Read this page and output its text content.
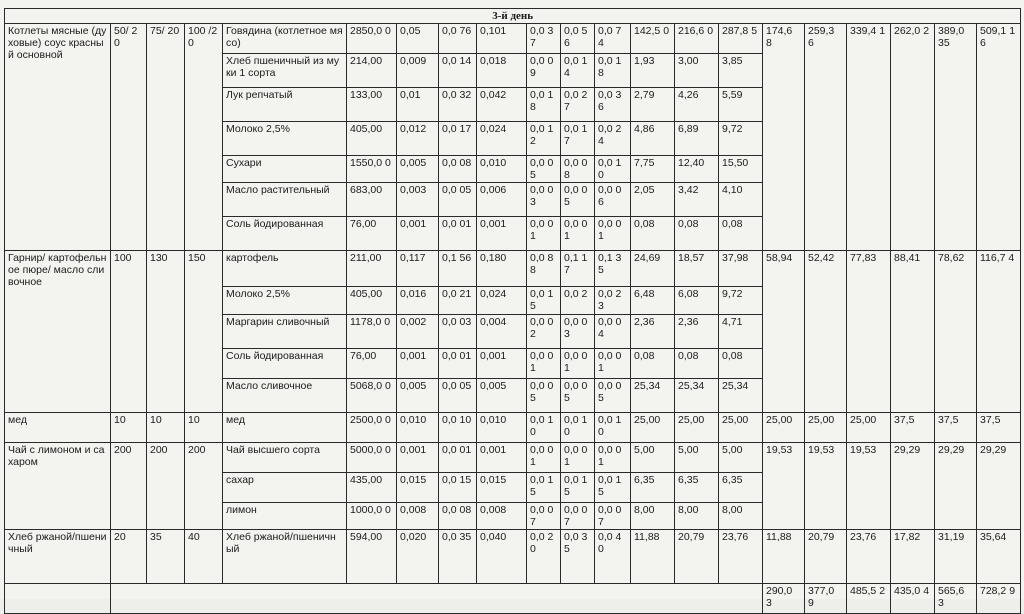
3-й день																				
Котлеты мясные (духовые) соус красный основной	50/ 20	75/ 20	100 /20	Говядина (котлетное мясо)	2850,0 0	0,05	0,0 76	0,101	0,0 37	0,0 56	0,0 74	142,5 0	216,6 0	287,8 5	174,6 8	259,3 6	339,4 1	262,0 2	389,0 35	509,1 16
				Хлеб пшеничный из муки 1 сорта	214,00	0,009	0,0 14	0,018	0,0 09	0,0 14	0,0 18	1,93	3,00	3,85						
				Лук репчатый	133,00	0,01	0,0 32	0,042	0,0 18	0,0 27	0,0 36	2,79	4,26	5,59						
				Молоко 2,5%	405,00	0,012	0,0 17	0,024	0,0 12	0,0 17	0,0 24	4,86	6,89	9,72						
				Сухари	1550,0 0	0,005	0,0 08	0,010	0,0 05	0,0 08	0,0 10	7,75	12,40	15,50						
				Масло растительный	683,00	0,003	0,0 05	0,006	0,0 03	0,0 05	0,0 06	2,05	3,42	4,10						
				Соль йодированная	76,00	0,001	0,0 01	0,001	0,0 01	0,0 01	0,0 01	0,08	0,08	0,08						
Гарнир/ картофельное пюре/ масло сливочное	100	130	150	картофель	211,00	0,117	0,1 56	0,180	0,0 88	0,1 17	0,1 35	24,69	18,57	37,98	58,94	52,42	77,83	88,41	78,62	116,7 4
				Молоко 2,5%	405,00	0,016	0,0 21	0,024	0,0 15	0,0 2	0,0 23	6,48	6,08	9,72						
				Маргарин сливочный	1178,0 0	0,002	0,0 03	0,004	0,0 02	0,0 03	0,0 04	2,36	2,36	4,71						
				Соль йодированная	76,00	0,001	0,0 01	0,001	0,0 01	0,0 01	0,0 01	0,08	0,08	0,08						
				Масло сливочное	5068,0 0	0,005	0,0 05	0,005	0,0 05	0,0 05	0,0 05	25,34	25,34	25,34						
мед	10	10	10	мед	2500,0 0	0,010	0,0 10	0,010	0,0 10	0,0 10	0,0 10	25,00	25,00	25,00	25,00	25,00	25,00	37,5	37,5	37,5
Чай с лимоном и сахаром	200	200	200	Чай высшего сорта	5000,0 0	0,001	0,0 01	0,001	0,0 01	0,0 01	0,0 01	5,00	5,00	5,00	19,53	19,53	19,53	29,29	29,29	29,29
				сахар	435,00	0,015	0,0 15	0,015	0,0 15	0,0 15	0,0 15	6,35	6,35	6,35						
				лимон	1000,0 0	0,008	0,0 08	0,008	0,0 07	0,0 07	0,0 07	8,00	8,00	8,00						
Хлеб ржаной/пшеничный	20	35	40	Хлеб ржаной/пшеничный	594,00	0,020	0,0 35	0,040	0,0 20	0,0 35	0,0 40	11,88	20,79	23,76	11,88	20,79	23,76	17,82	31,19	35,64
															290,0 3	377,0 9	485,5 2	435,0 4	565,6 3	728,2 9
